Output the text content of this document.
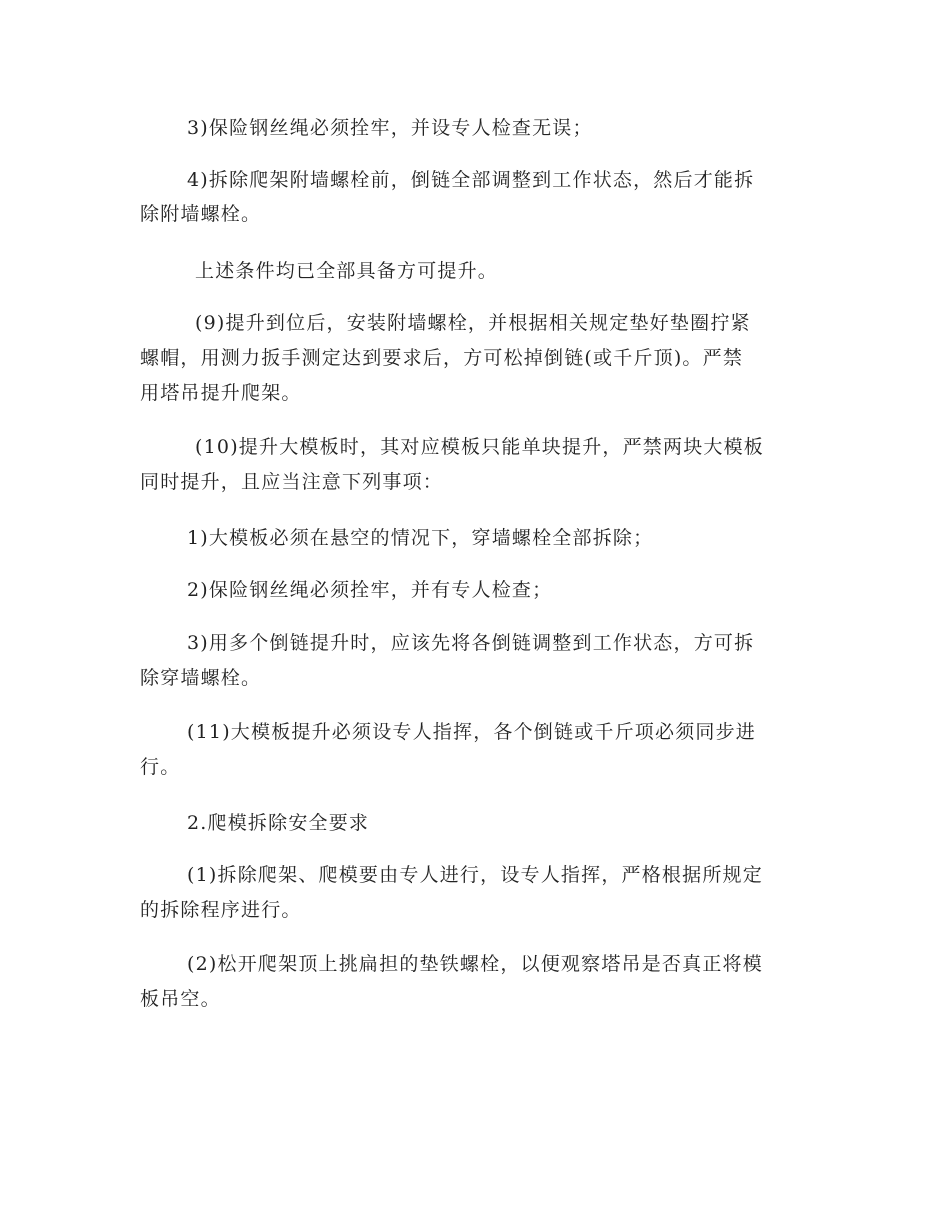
3)保险钢丝绳必须拴牢，并设专人检查无误；

4)拆除爬架附墙螺栓前，倒链全部调整到工作状态，然后才能拆

除附墙螺栓。

上述条件均已全部具备方可提升。

(9)提升到位后，安装附墙螺栓，并根据相关规定垫好垫圈拧紧

螺帽，用测力扳手测定达到要求后，方可松掉倒链(或千斤顶)。严禁

用塔吊提升爬架。

(10)提升大模板时，其对应模板只能单块提升，严禁两块大模板

同时提升，且应当注意下列事项：

1)大模板必须在悬空的情况下，穿墙螺栓全部拆除；

2)保险钢丝绳必须拴牢，并有专人检查；

3)用多个倒链提升时，应该先将各倒链调整到工作状态，方可拆

除穿墙螺栓。

(11)大模板提升必须设专人指挥，各个倒链或千斤项必须同步进

行。

2.爬模拆除安全要求

(1)拆除爬架、爬模要由专人进行，设专人指挥，严格根据所规定

的拆除程序进行。

(2)松开爬架顶上挑扁担的垫铁螺栓，以便观察塔吊是否真正将模

板吊空。
